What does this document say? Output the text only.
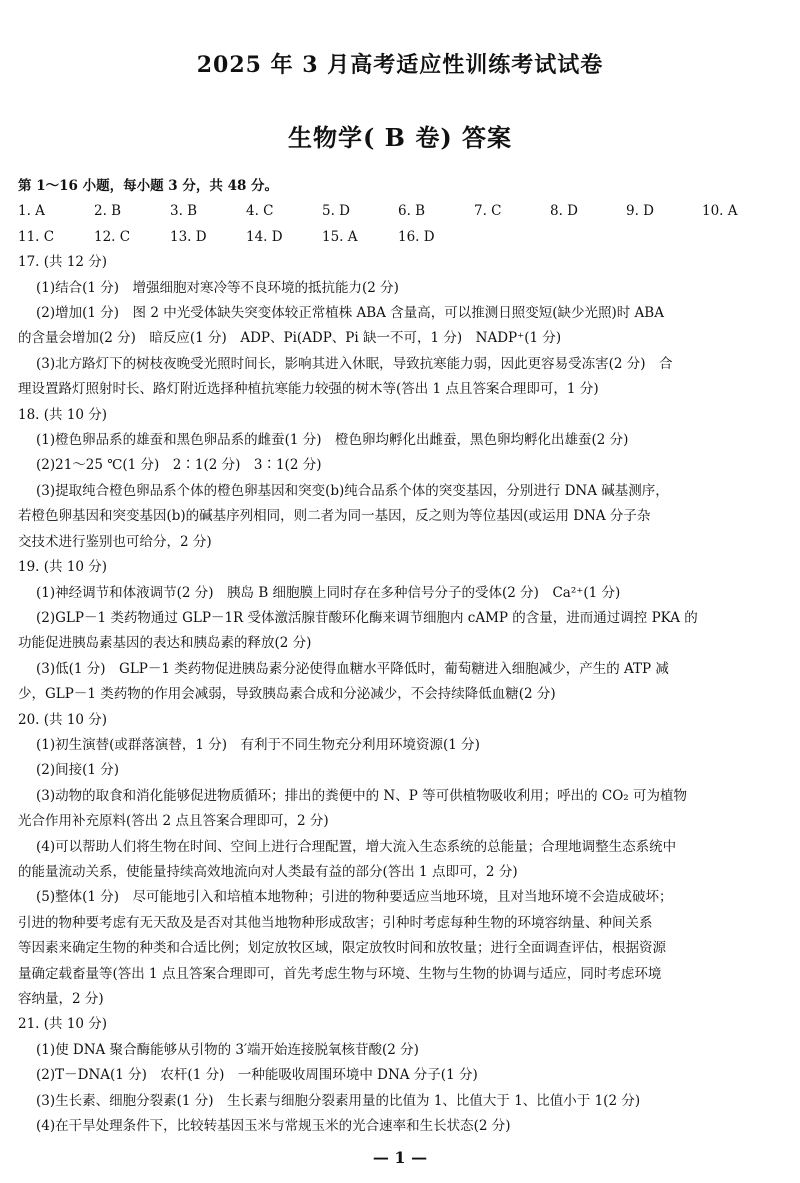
2025 年 3 月高考适应性训练考试试卷
生物学( B 卷) 答案

第 1～16 小题，每小题 3 分，共 48 分。

1. A	2. B	3. B	4. C	5. D	6. B	7. C	8. D	9. D	10. A
11. C	12. C	13. D	14. D	15. A	16. D

17. (共 12 分)

(1)结合(1 分)　增强细胞对寒冷等不良环境的抵抗能力(2 分)

(2)增加(1 分)　图 2 中光受体缺失突变体较正常植株 ABA 含量高，可以推测日照变短(缺少光照)时 ABA

的含量会增加(2 分)　暗反应(1 分)　ADP、Pi(ADP、Pi 缺一不可，1 分)　NADP⁺(1 分)

(3)北方路灯下的树枝夜晚受光照时间长，影响其进入休眠，导致抗寒能力弱，因此更容易受冻害(2 分)　合

理设置路灯照射时长、路灯附近选择种植抗寒能力较强的树木等(答出 1 点且答案合理即可，1 分)

18. (共 10 分)

(1)橙色卵品系的雄蚕和黑色卵品系的雌蚕(1 分)　橙色卵均孵化出雌蚕，黑色卵均孵化出雄蚕(2 分)

(2)21～25 ℃(1 分)　2∶1(2 分)　3∶1(2 分)

(3)提取纯合橙色卵品系个体的橙色卵基因和突变(b)纯合品系个体的突变基因，分别进行 DNA 碱基测序，

若橙色卵基因和突变基因(b)的碱基序列相同，则二者为同一基因，反之则为等位基因(或运用 DNA 分子杂

交技术进行鉴别也可给分，2 分)

19. (共 10 分)

(1)神经调节和体液调节(2 分)　胰岛 B 细胞膜上同时存在多种信号分子的受体(2 分)　Ca²⁺(1 分)

(2)GLP－1 类药物通过 GLP－1R 受体激活腺苷酸环化酶来调节细胞内 cAMP 的含量，进而通过调控 PKA 的

功能促进胰岛素基因的表达和胰岛素的释放(2 分)

(3)低(1 分)　GLP－1 类药物促进胰岛素分泌使得血糖水平降低时，葡萄糖进入细胞减少，产生的 ATP 减

少，GLP－1 类药物的作用会减弱，导致胰岛素合成和分泌减少，不会持续降低血糖(2 分)

20. (共 10 分)

(1)初生演替(或群落演替，1 分)　有利于不同生物充分利用环境资源(1 分)

(2)间接(1 分)

(3)动物的取食和消化能够促进物质循环；排出的粪便中的 N、P 等可供植物吸收利用；呼出的 CO₂ 可为植物

光合作用补充原料(答出 2 点且答案合理即可，2 分)

(4)可以帮助人们将生物在时间、空间上进行合理配置，增大流入生态系统的总能量；合理地调整生态系统中

的能量流动关系，使能量持续高效地流向对人类最有益的部分(答出 1 点即可，2 分)

(5)整体(1 分)　尽可能地引入和培植本地物种；引进的物种要适应当地环境，且对当地环境不会造成破坏；

引进的物种要考虑有无天敌及是否对其他当地物种形成敌害；引种时考虑每种生物的环境容纳量、种间关系

等因素来确定生物的种类和合适比例；划定放牧区域，限定放牧时间和放牧量；进行全面调查评估，根据资源

量确定载畜量等(答出 1 点且答案合理即可，首先考虑生物与环境、生物与生物的协调与适应，同时考虑环境

容纳量，2 分)

21. (共 10 分)

(1)使 DNA 聚合酶能够从引物的 3′端开始连接脱氧核苷酸(2 分)

(2)T－DNA(1 分)　农杆(1 分)　一种能吸收周围环境中 DNA 分子(1 分)

(3)生长素、细胞分裂素(1 分)　生长素与细胞分裂素用量的比值为 1、比值大于 1、比值小于 1(2 分)

(4)在干旱处理条件下，比较转基因玉米与常规玉米的光合速率和生长状态(2 分)

— 1 —
